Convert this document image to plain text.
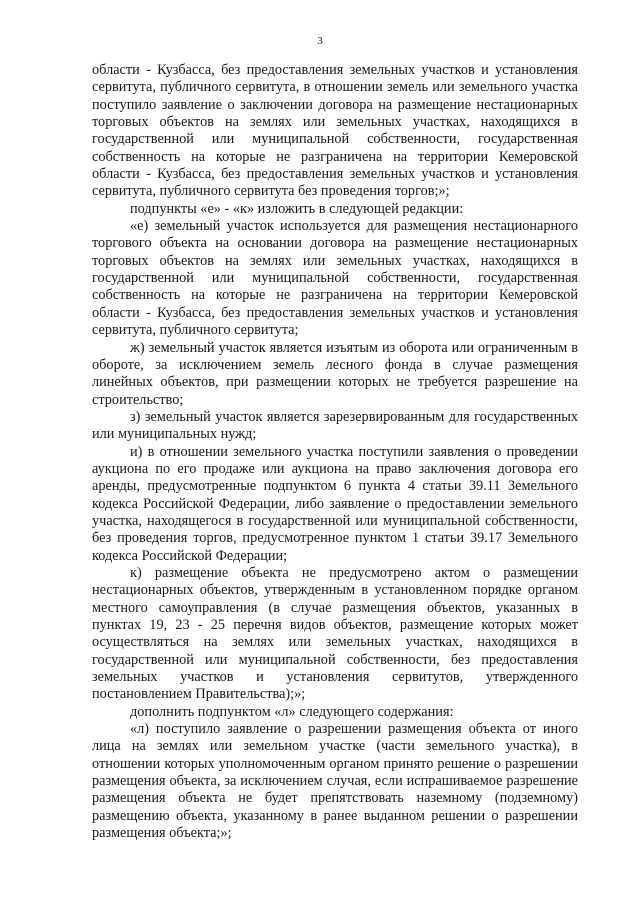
3

области - Кузбасса, без предоставления земельных участков и установления сервитута, публичного сервитута, в отношении земель или земельного участка поступило заявление о заключении договора на размещение нестационарных торговых объектов на землях или земельных участках, находящихся в государственной или муниципальной собственности, государственная собственность на которые не разграничена на территории Кемеровской области - Кузбасса, без предоставления земельных участков и установления сервитута, публичного сервитута без проведения торгов;»;

подпункты «е» - «к» изложить в следующей редакции:

«е) земельный участок используется для размещения нестационарного торгового объекта на основании договора на размещение нестационарных торговых объектов на землях или земельных участках, находящихся в государственной или муниципальной собственности, государственная собственность на которые не разграничена на территории Кемеровской области - Кузбасса, без предоставления земельных участков и установления сервитута, публичного сервитута;

ж) земельный участок является изъятым из оборота или ограниченным в обороте, за исключением земель лесного фонда в случае размещения линейных объектов, при размещении которых не требуется разрешение на строительство;

з) земельный участок является зарезервированным для государственных или муниципальных нужд;

и) в отношении земельного участка поступили заявления о проведении аукциона по его продаже или аукциона на право заключения договора его аренды, предусмотренные подпунктом 6 пункта 4 статьи 39.11 Земельного кодекса Российской Федерации, либо заявление о предоставлении земельного участка, находящегося в государственной или муниципальной собственности, без проведения торгов, предусмотренное пунктом 1 статьи 39.17 Земельного кодекса Российской Федерации;

к) размещение объекта не предусмотрено актом о размещении нестационарных объектов, утвержденным в установленном порядке органом местного самоуправления (в случае размещения объектов, указанных в пунктах 19, 23 - 25 перечня видов объектов, размещение которых может осуществляться на землях или земельных участках, находящихся в государственной или муниципальной собственности, без предоставления земельных участков и установления сервитутов, утвержденного постановлением Правительства);»;

дополнить подпунктом «л» следующего содержания:

«л) поступило заявление о разрешении размещения объекта от иного лица на землях или земельном участке (части земельного участка), в отношении которых уполномоченным органом принято решение о разрешении размещения объекта, за исключением случая, если испрашиваемое разрешение размещения объекта не будет препятствовать наземному (подземному) размещению объекта, указанному в ранее выданном решении о разрешении размещения объекта;»;
